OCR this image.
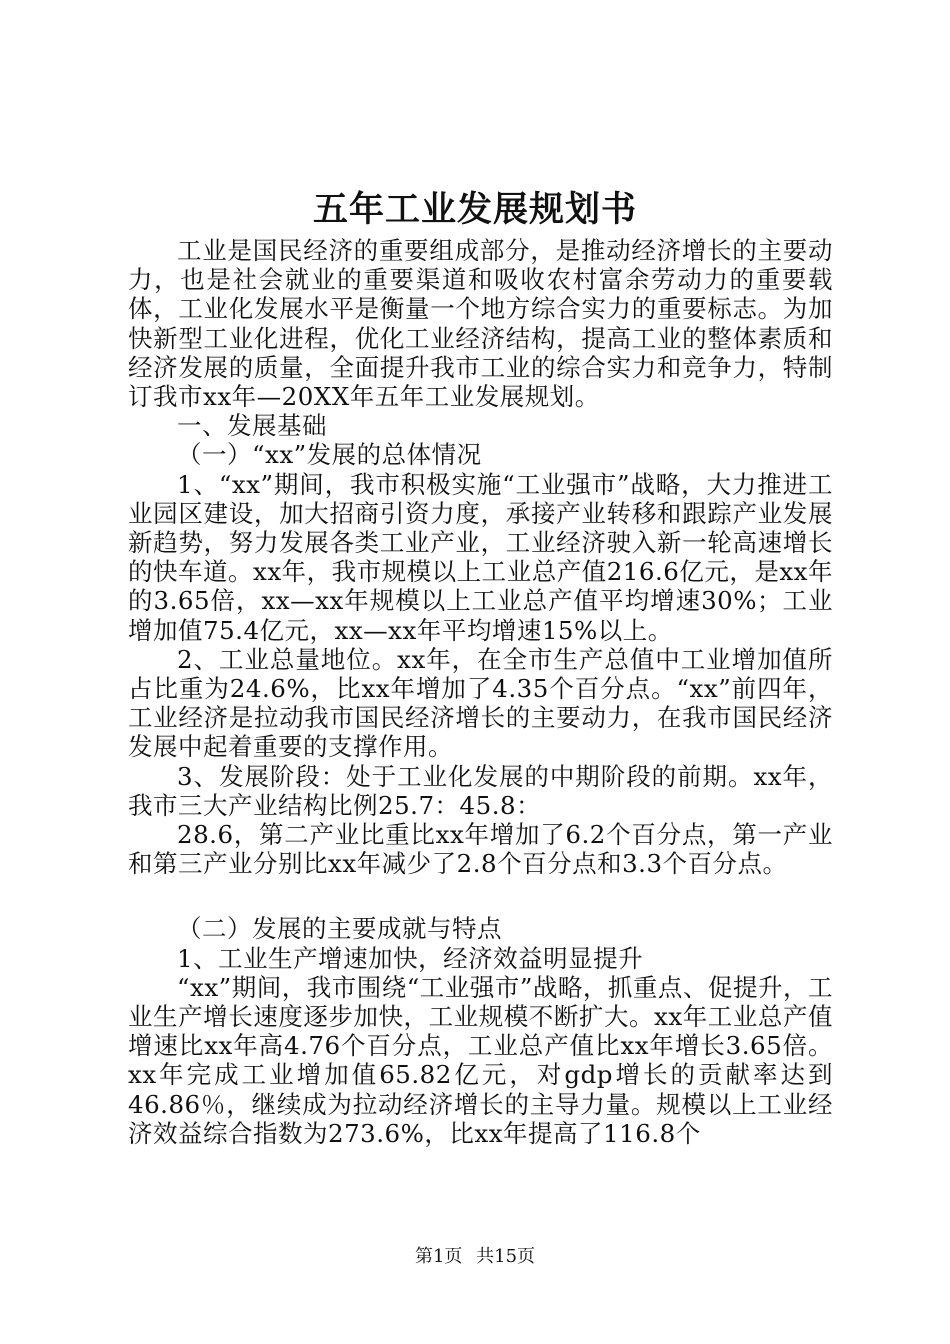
五年工业发展规划书

工业是国民经济的重要组成部分，是推动经济增长的主要动力，也是社会就业的重要渠道和吸收农村富余劳动力的重要载体，工业化发展水平是衡量一个地方综合实力的重要标志。为加快新型工业化进程，优化工业经济结构，提高工业的整体素质和经济发展的质量，全面提升我市工业的综合实力和竞争力，特制订我市xx年—20XX年五年工业发展规划。

一、发展基础

（一）“xx”发展的总体情况

1、“xx”期间，我市积极实施“工业强市”战略，大力推进工业园区建设，加大招商引资力度，承接产业转移和跟踪产业发展新趋势，努力发展各类工业产业，工业经济驶入新一轮高速增长的快车道。xx年，我市规模以上工业总产值216.6亿元，是xx年的3.65倍，xx—xx年规模以上工业总产值平均增速30%；工业增加值75.4亿元，xx—xx年平均增速15%以上。

2、工业总量地位。xx年，在全市生产总值中工业增加值所占比重为24.6%，比xx年增加了4.35个百分点。“xx”前四年，工业经济是拉动我市国民经济增长的主要动力，在我市国民经济发展中起着重要的支撑作用。

3、发展阶段：处于工业化发展的中期阶段的前期。xx年，我市三大产业结构比例25.7：45.8：

28.6，第二产业比重比xx年增加了6.2个百分点，第一产业和第三产业分别比xx年减少了2.8个百分点和3.3个百分点。

（二）发展的主要成就与特点

1、工业生产增速加快，经济效益明显提升

“xx”期间，我市围绕“工业强市”战略，抓重点、促提升，工业生产增长速度逐步加快，工业规模不断扩大。xx年工业总产值增速比xx年高4.76个百分点，工业总产值比xx年增长3.65倍。xx年完成工业增加值65.82亿元，对gdp增长的贡献率达到46.86％，继续成为拉动经济增长的主导力量。规模以上工业经济效益综合指数为273.6%，比xx年提高了116.8个

第1页 共15页
